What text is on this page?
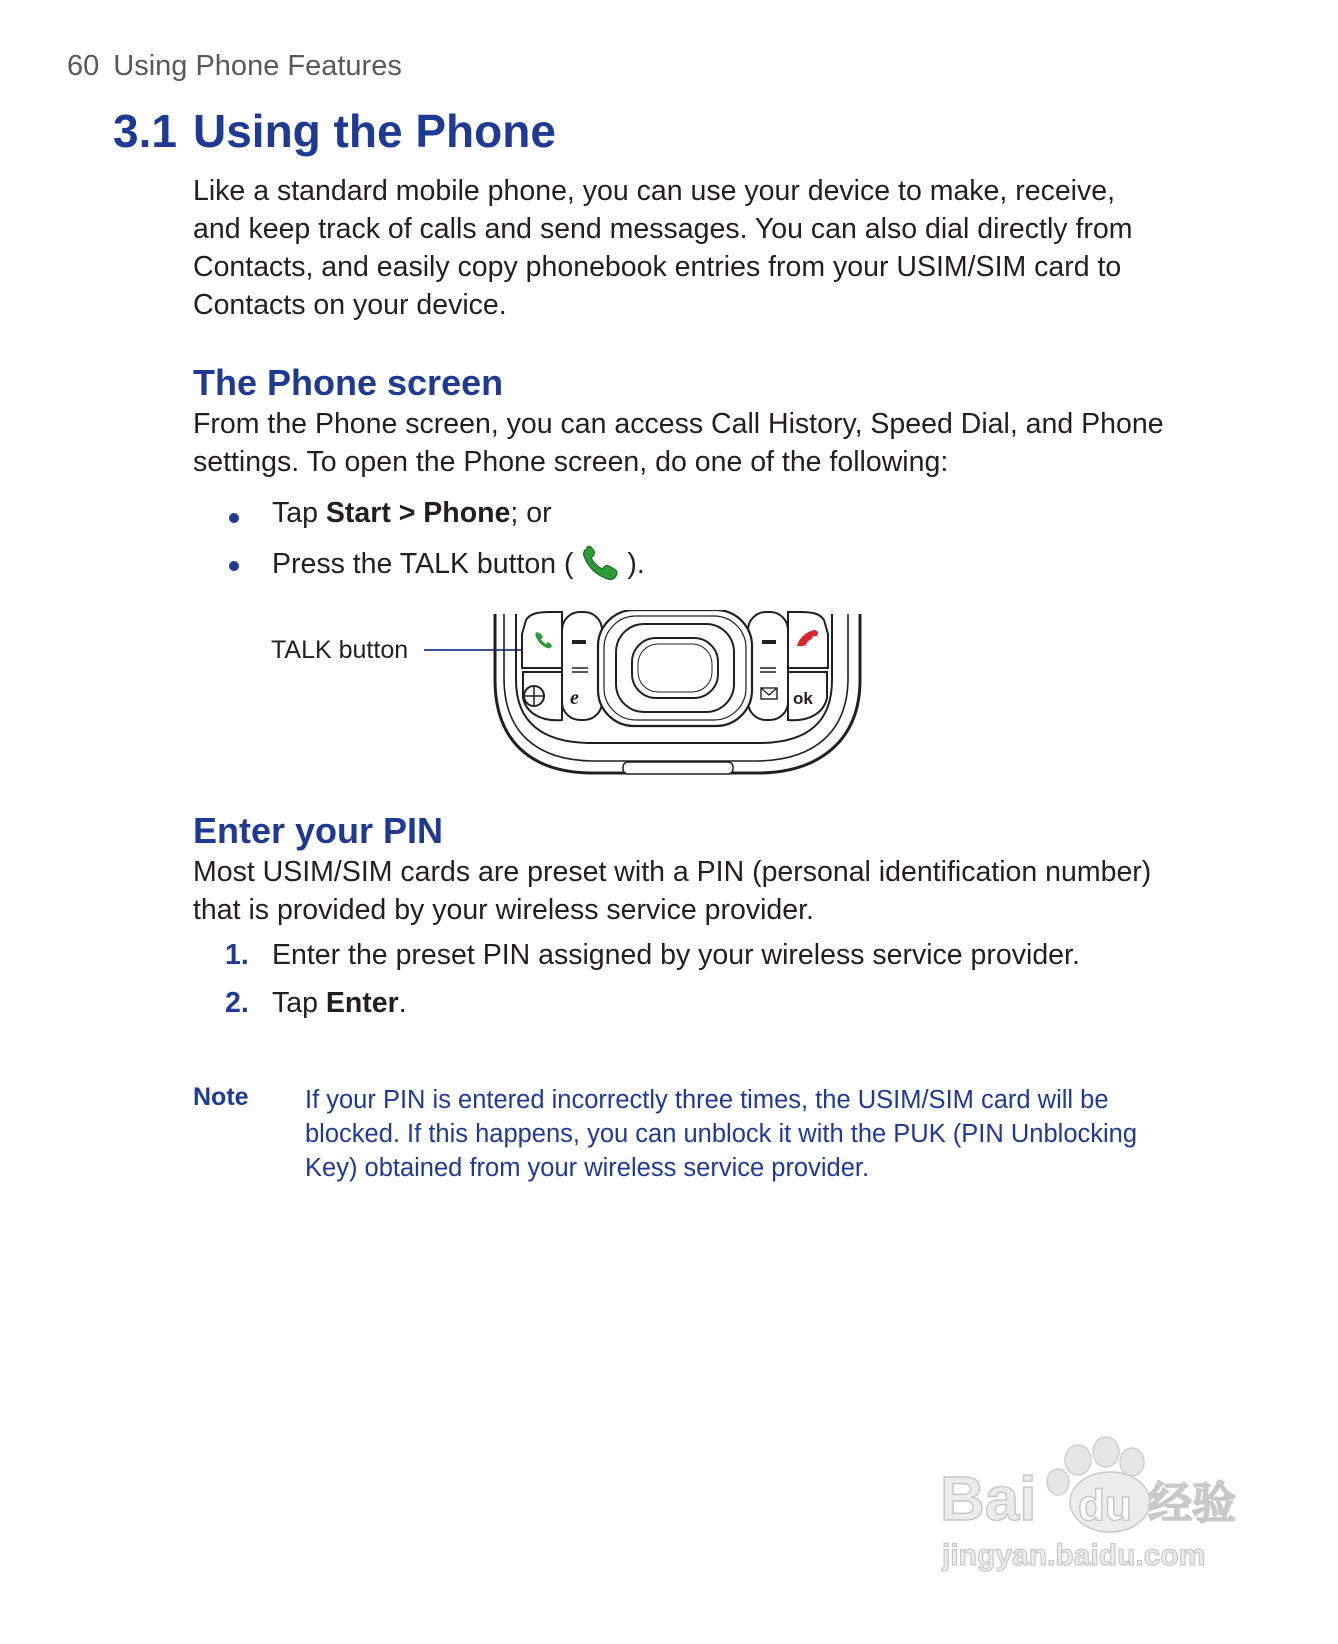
60 Using Phone Features
3.1 Using the Phone
Like a standard mobile phone, you can use your device to make, receive,
and keep track of calls and send messages. You can also dial directly from
Contacts, and easily copy phonebook entries from your USIM/SIM card to
Contacts on your device.
The Phone screen
From the Phone screen, you can access Call History, Speed Dial, and Phone
settings. To open the Phone screen, do one of the following:
Tap Start > Phone; or
Press the TALK button (  ).
TALK button
ok
e
Enter your PIN
Most USIM/SIM cards are preset with a PIN (personal identification number)
that is provided by your wireless service provider.
1. Enter the preset PIN assigned by your wireless service provider.
2. Tap Enter.
Note If your PIN is entered incorrectly three times, the USIM/SIM card will be
blocked. If this happens, you can unblock it with the PUK (PIN Unblocking
Key) obtained from your wireless service provider.
Bai du 经验
jingyan.baidu.com
